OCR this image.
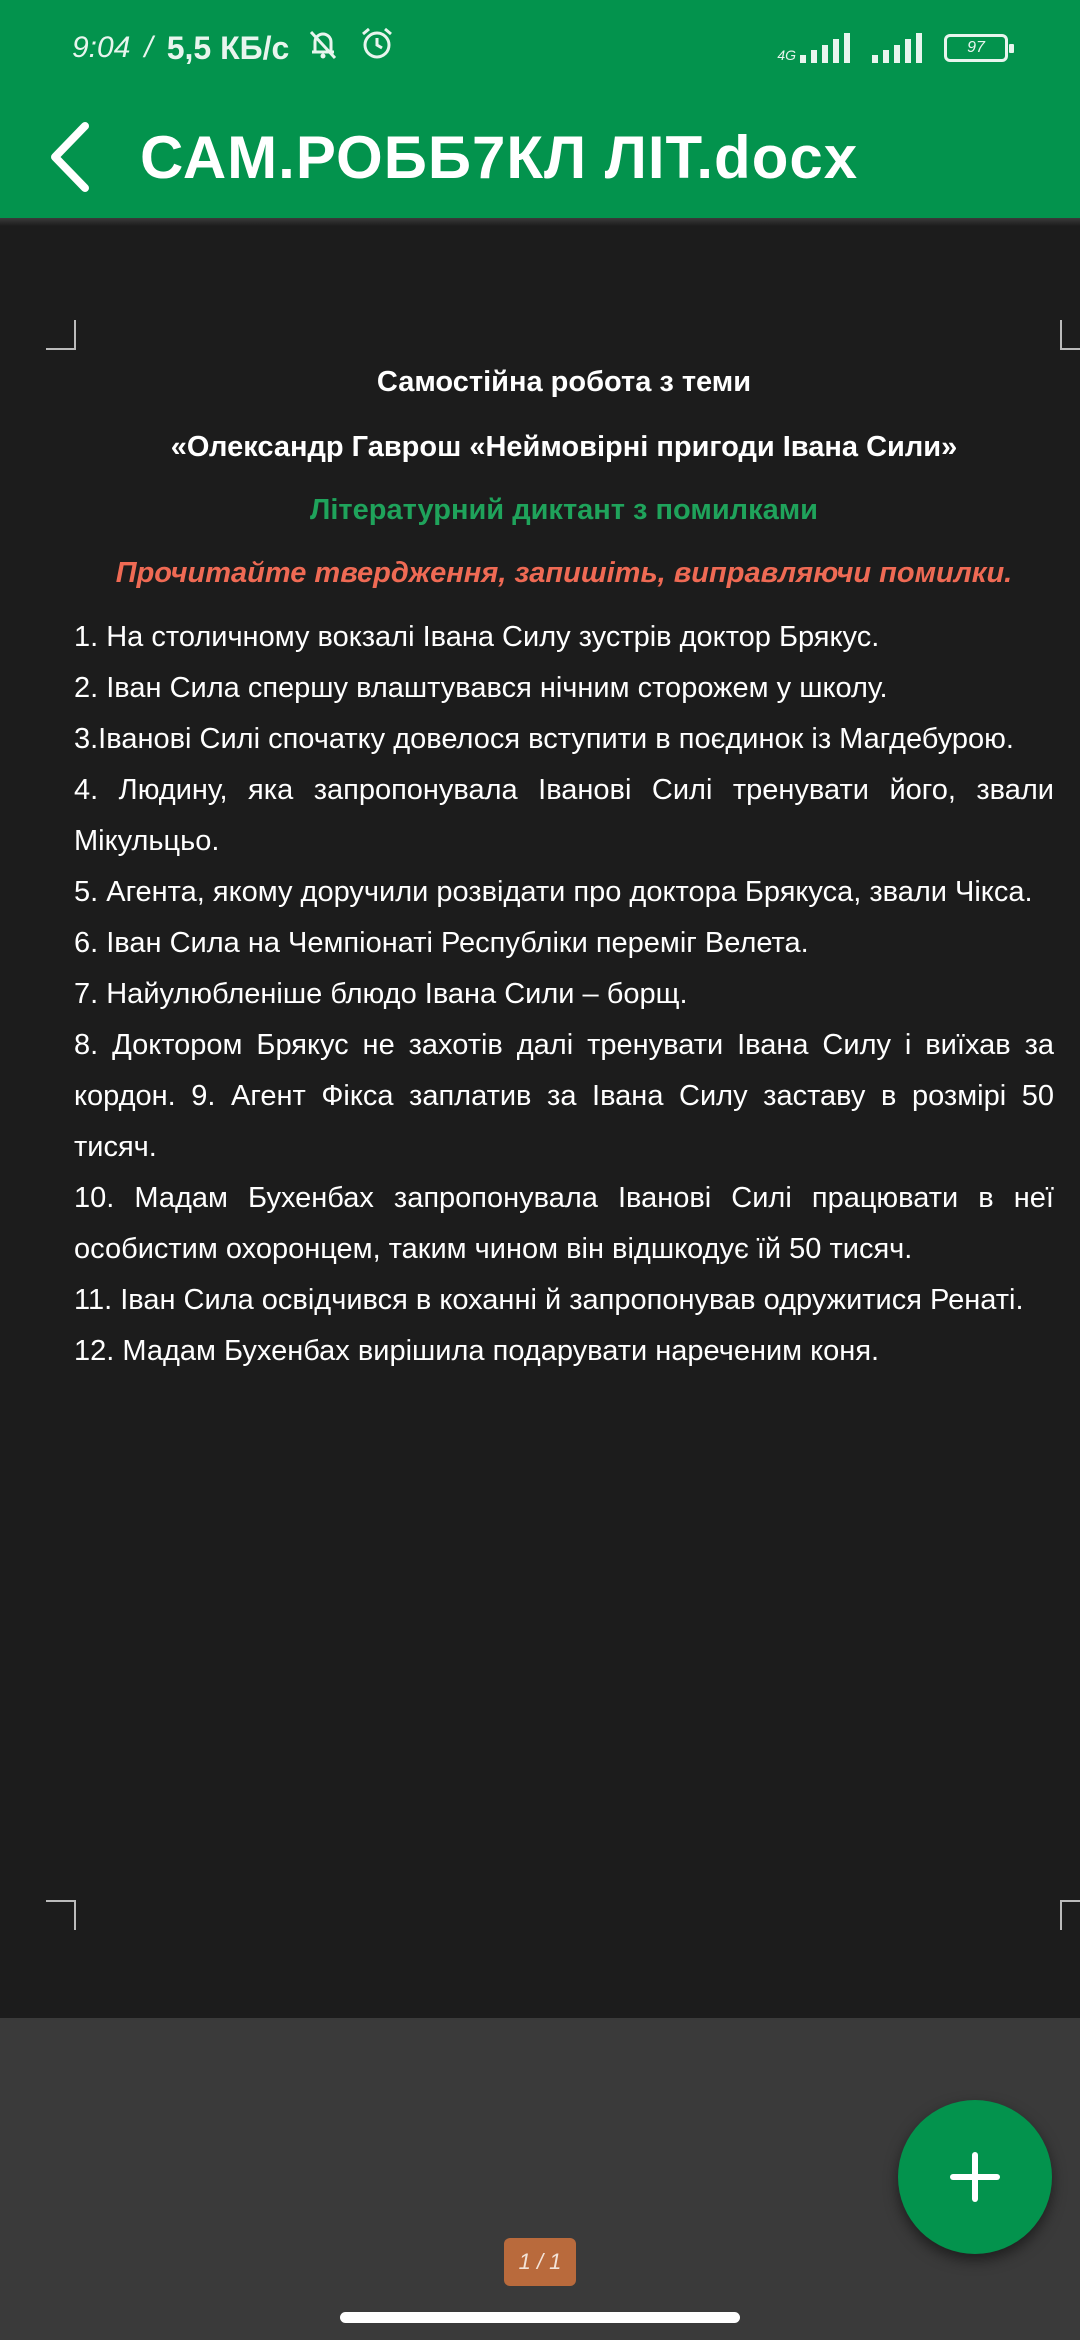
9:04 / 5,5 КБ/с	4G	97
САМ.РОББ7КЛ ЛІТ.docx
Самостійна робота з теми
«Олександр Гаврош «Неймовірні пригоди Івана Сили»
Літературний диктант з помилками
Прочитайте твердження, запишіть, виправляючи помилки.

1. На столичному вокзалі Івана Силу зустрів доктор Брякус.

2. Іван Сила спершу влаштувався нічним сторожем у школу.

3.Іванові Силі спочатку довелося вступити в поєдинок із Магдебурою.

4. Людину, яка запропонувала Іванові Силі тренувати його, звали Мікульцьо.

5. Агента, якому доручили розвідати про доктора Брякуса, звали Чікса.

6. Іван Сила на Чемпіонаті Республіки переміг Велета.

7. Найулюбленіше блюдо Івана Сили – борщ.

8. Доктором Брякус не захотів далі тренувати Івана Силу і виїхав за кордон. 9. Агент Фікса заплатив за Івана Силу заставу в розмірі 50 тисяч.

10. Мадам Бухенбах запропонувала Іванові Силі працювати в неї особистим охоронцем, таким чином він відшкодує їй 50 тисяч.

11. Іван Сила освідчився в коханні й запропонував одружитися Ренаті.

12. Мадам Бухенбах вирішила подарувати нареченим коня.

1 / 1
